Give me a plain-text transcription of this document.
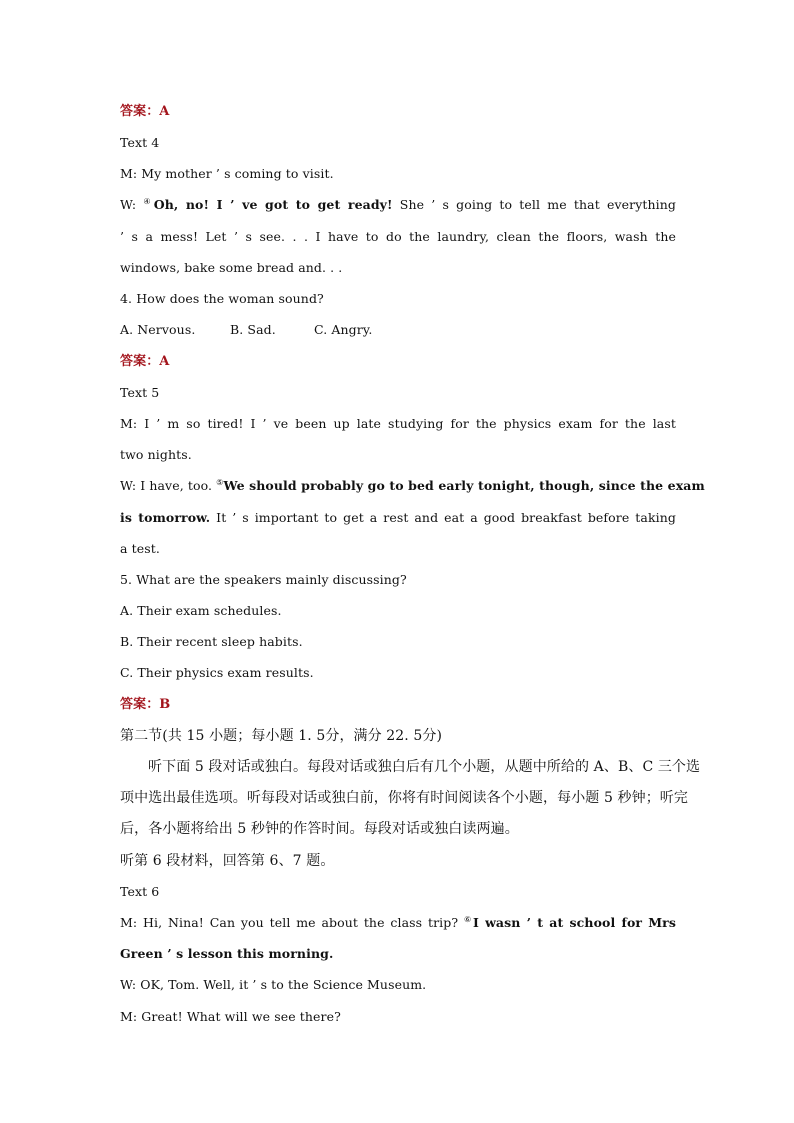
答案：A
Text 4
M: My mother ’ s coming to visit.
W: ④Oh, no! I ’ ve got to get ready! She ’ s going to tell me that everything
’ s a mess! Let ’ s see. . . I have to do the laundry, clean the floors, wash the
windows, bake some bread and. . .
4. How does the woman sound?
A. Nervous.	B. Sad.	C. Angry.
答案：A
Text 5
M: I ’ m so tired! I ’ ve been up late studying for the physics exam for the last
two nights.
W: I have, too. ⑤We should probably go to bed early tonight, though, since the exam
is tomorrow. It ’ s important to get a rest and eat a good breakfast before taking
a test.
5. What are the speakers mainly discussing?
A. Their exam schedules.
B. Their recent sleep habits.
C. Their physics exam results.
答案：B
第二节(共 15 小题；每小题 1. 5分，满分 22. 5分)
听下面 5 段对话或独白。每段对话或独白后有几个小题，从题中所给的 A、B、C 三个选
项中选出最佳选项。听每段对话或独白前，你将有时间阅读各个小题，每小题 5 秒钟；听完
后，各小题将给出 5 秒钟的作答时间。每段对话或独白读两遍。
听第 6 段材料，回答第 6、7 题。
Text 6
M: Hi, Nina! Can you tell me about the class trip? ⑥I wasn ’ t at school for Mrs
Green ’ s lesson this morning.
W: OK, Tom. Well, it ’ s to the Science Museum.
M: Great! What will we see there?
